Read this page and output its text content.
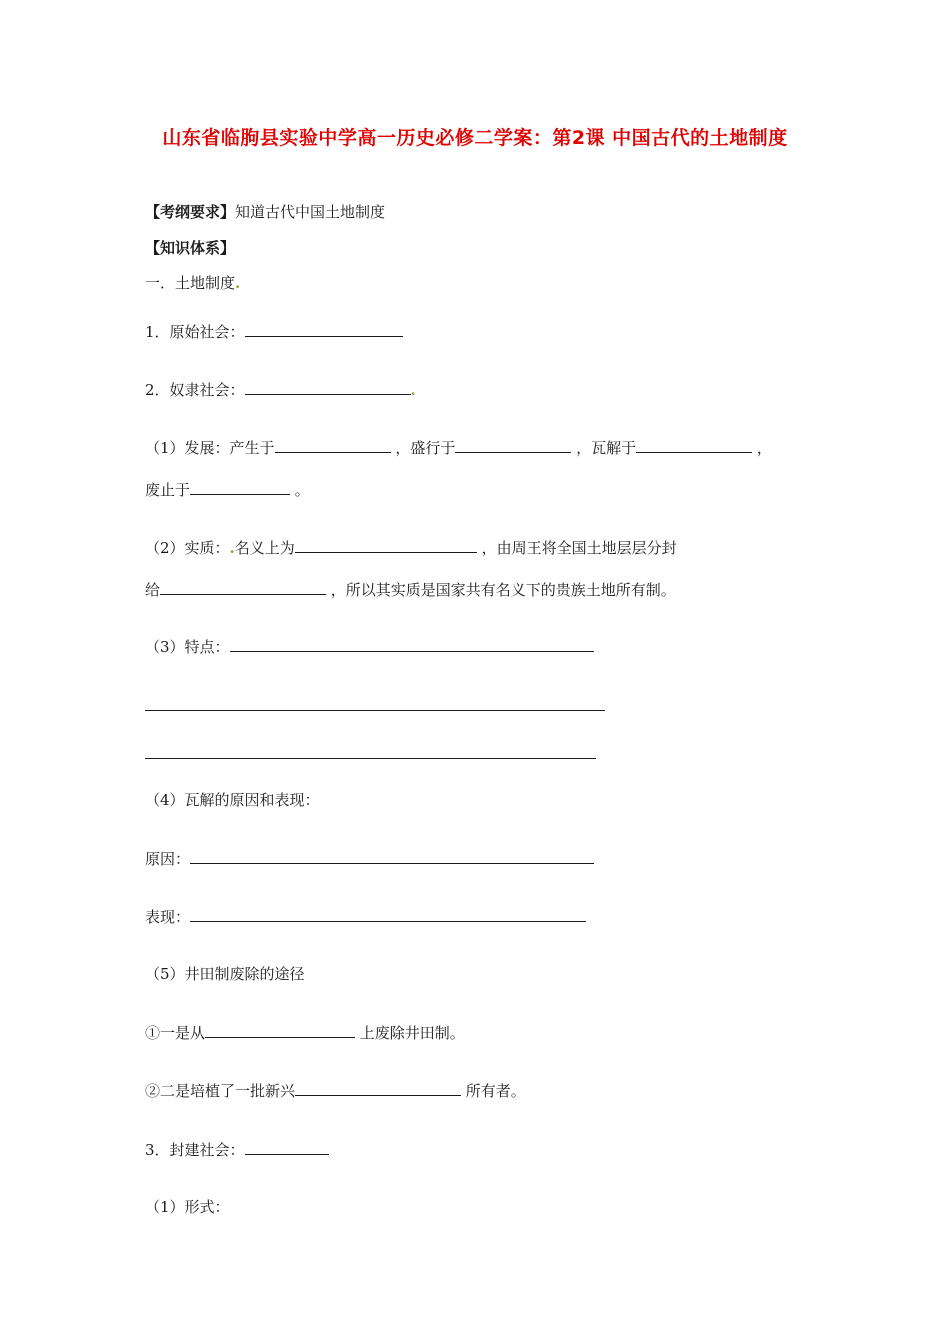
山东省临朐县实验中学高一历史必修二学案：第2课 中国古代的土地制度
【考纲要求】知道古代中国土地制度
【知识体系】
一．土地制度.
1．原始社会：
2．奴隶社会：	.
（1）发展：产生于	，盛行于	，瓦解于	，
废止于	。
（2）实质：.名义上为	，由周王将全国土地层层分封
给	，所以其实质是国家共有名义下的贵族土地所有制。
（3）特点：
（4）瓦解的原因和表现：
原因：
表现：
（5）井田制废除的途径
①一是从	上废除井田制。
②二是培植了一批新兴	所有者。
3．封建社会：
（1）形式：
